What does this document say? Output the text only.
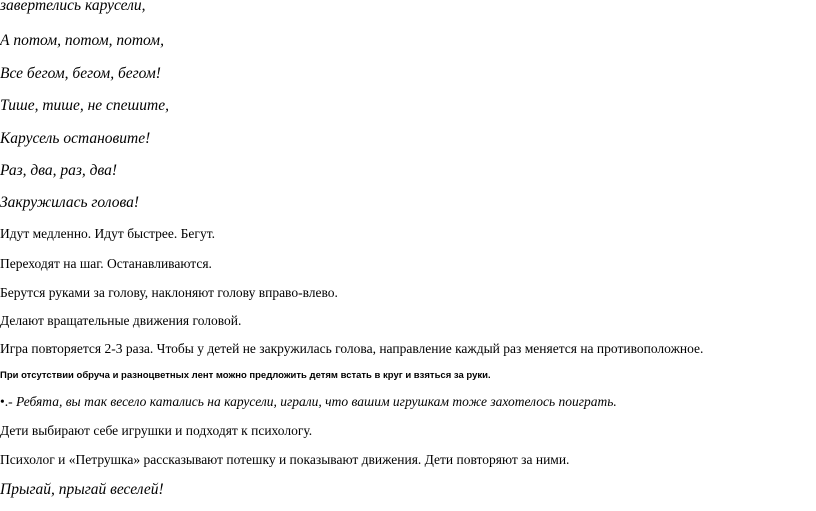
завертелись карусели,
А потом, потом, потом,
Все бегом, бегом, бегом!
Тише, тише, не спешите,
Карусель остановите!
Раз, два, раз, два!
Закружилась голова!
Идут медленно. Идут быстрее. Бегут.
Переходят на шаг. Останавливаются.
Берутся руками за голову, наклоняют голову вправо-влево.
Делают вращательные движения головой.
Игра повторяется 2-3 раза. Чтобы у детей не закружилась голова, направление каждый раз меняется на противоположное.
При отсутствии обруча и разноцветных лент можно предложить детям встать в круг и взяться за руки.
•.- Ребята, вы так весело катались на карусели, играли, что вашим игрушкам тоже захотелось поиграть.
Дети выбирают себе игрушки и подходят к психологу.
Психолог и «Петрушка» рассказывают потешку и показывают движения. Дети повторяют за ними.
Прыгай, прыгай веселей!
